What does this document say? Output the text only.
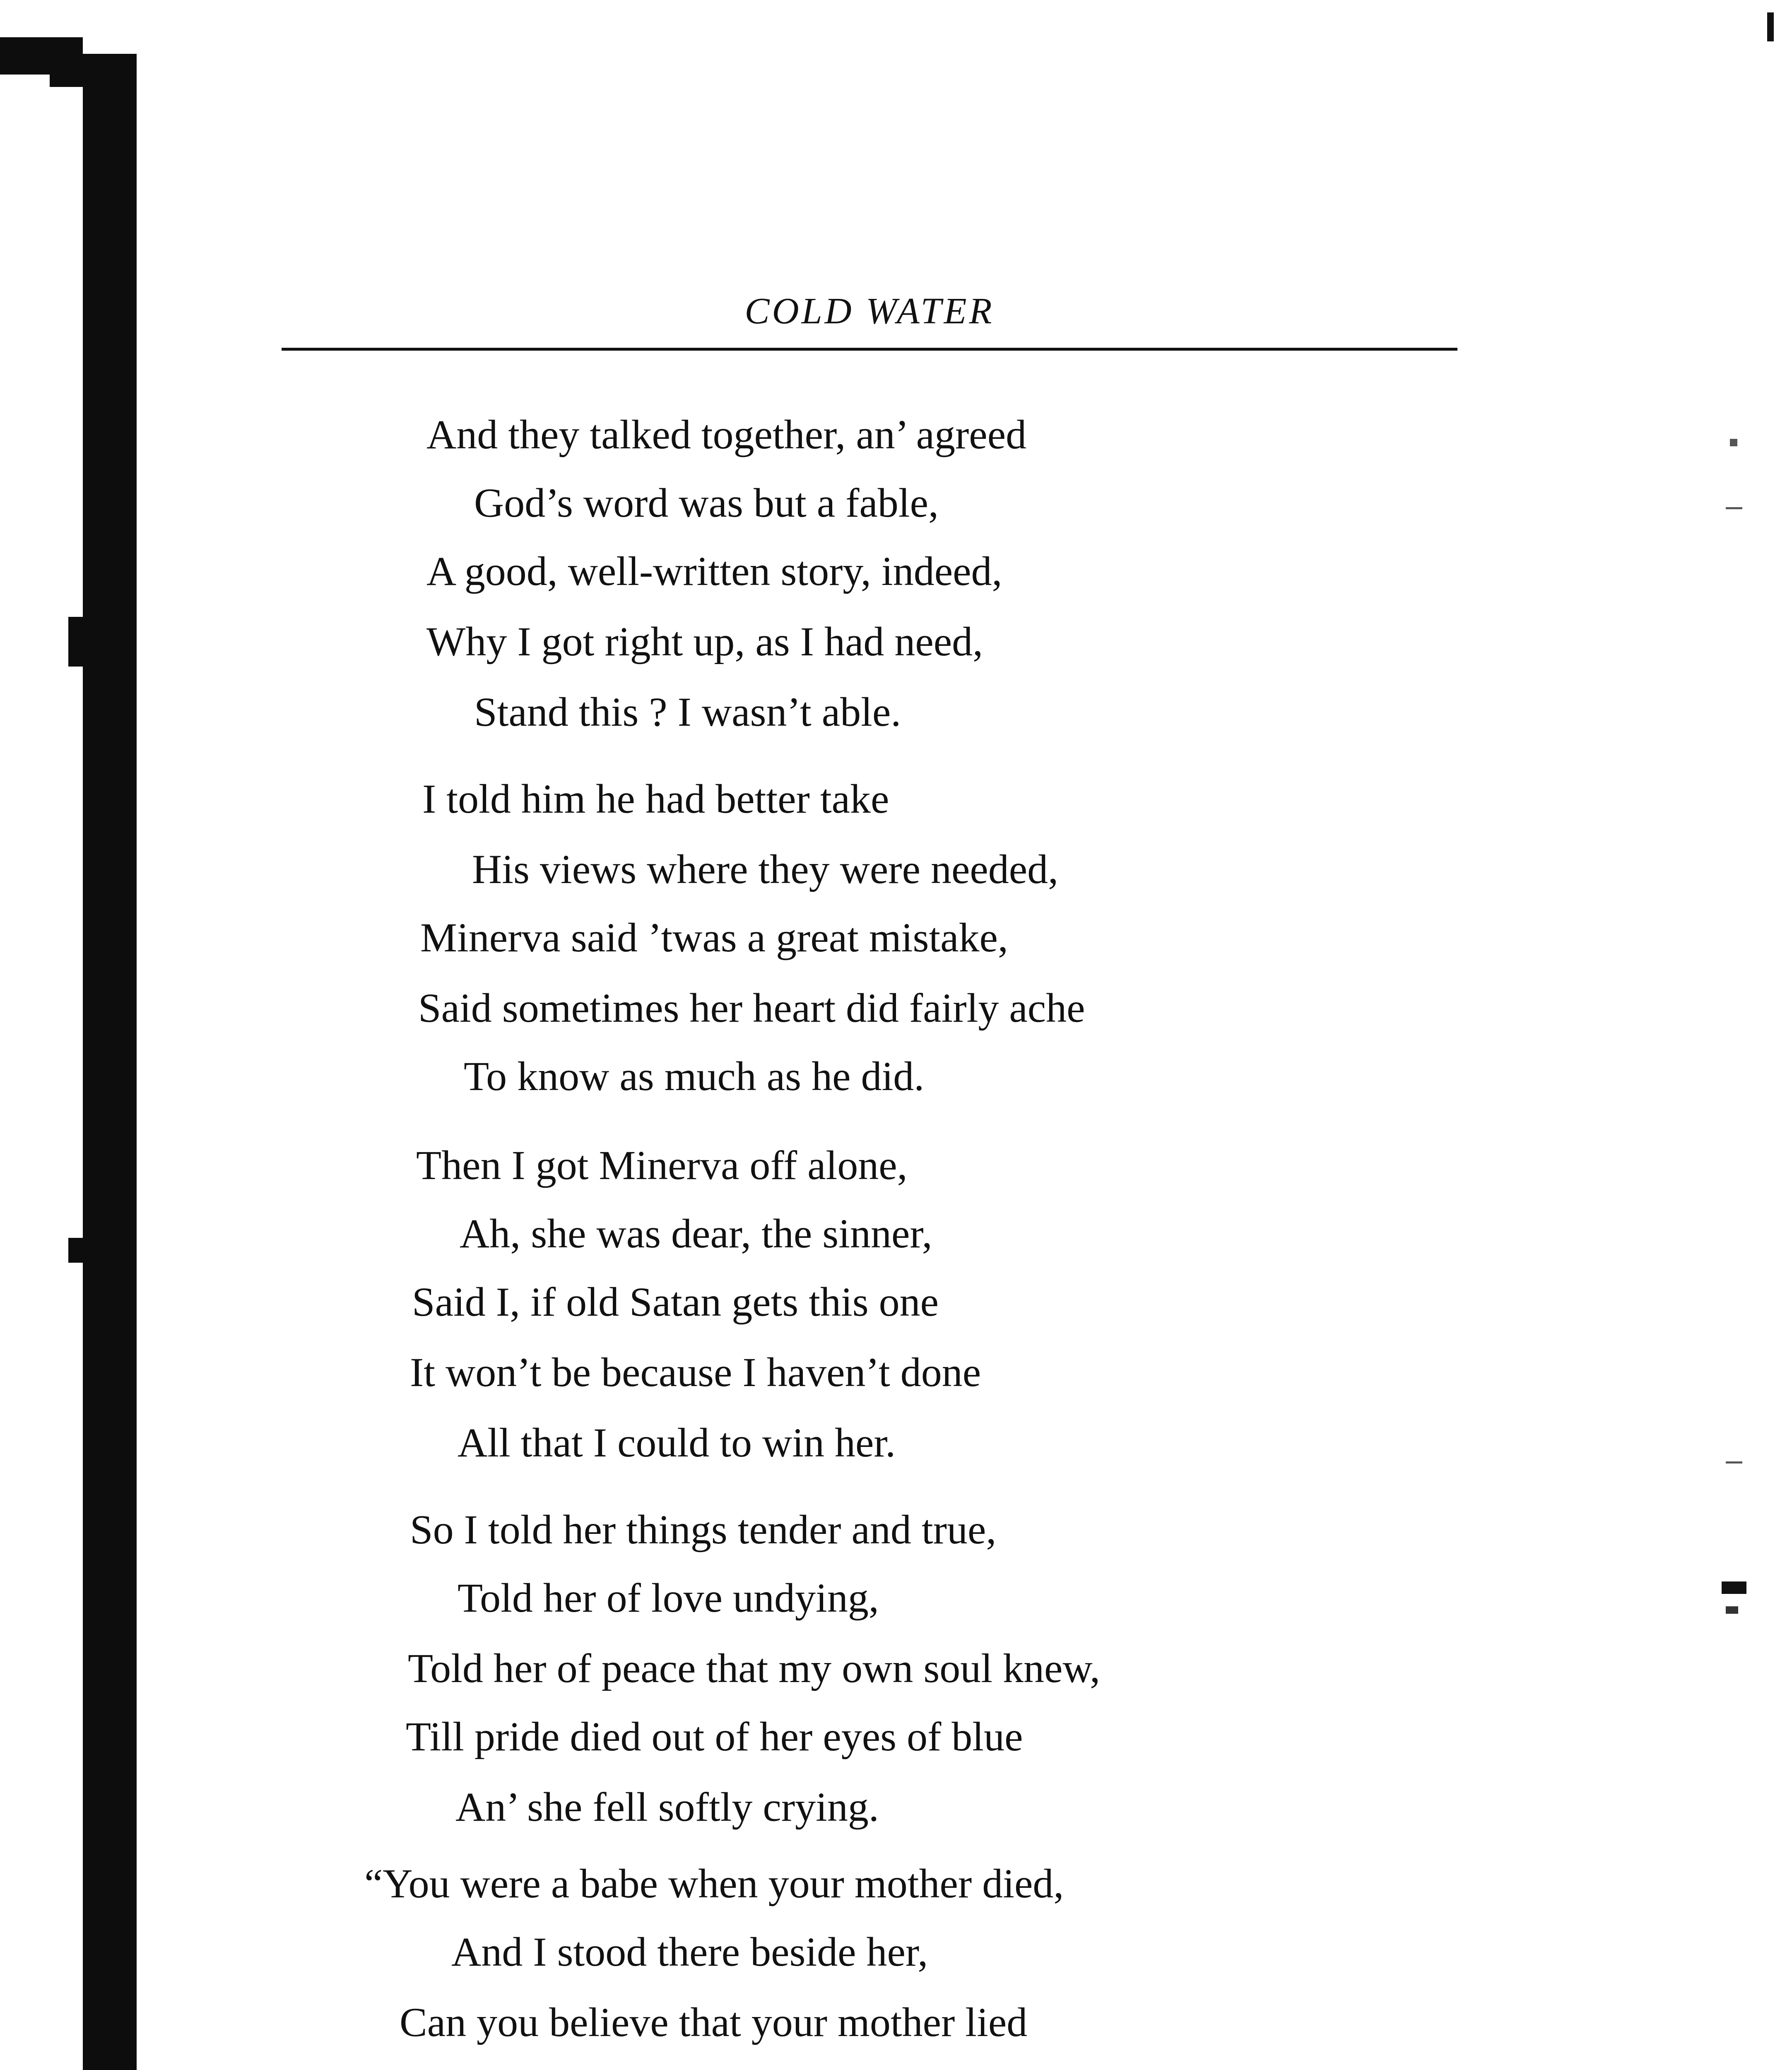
COLD WATER
And they talked together, an’ agreed
God’s word was but a fable,
A good, well-written story, indeed,
Why I got right up, as I had need,
Stand this ? I wasn’t able.
I told him he had better take
His views where they were needed,
Minerva said ’twas a great mistake,
Said sometimes her heart did fairly ache
To know as much as he did.
Then I got Minerva off alone,
Ah, she was dear, the sinner,
Said I, if old Satan gets this one
It won’t be because I haven’t done
All that I could to win her.
So I told her things tender and true,
Told her of love undying,
Told her of peace that my own soul knew,
Till pride died out of her eyes of blue
An’ she fell softly crying.
“You were a babe when your mother died,
And I stood there beside her,
Can you believe that your mother lied
